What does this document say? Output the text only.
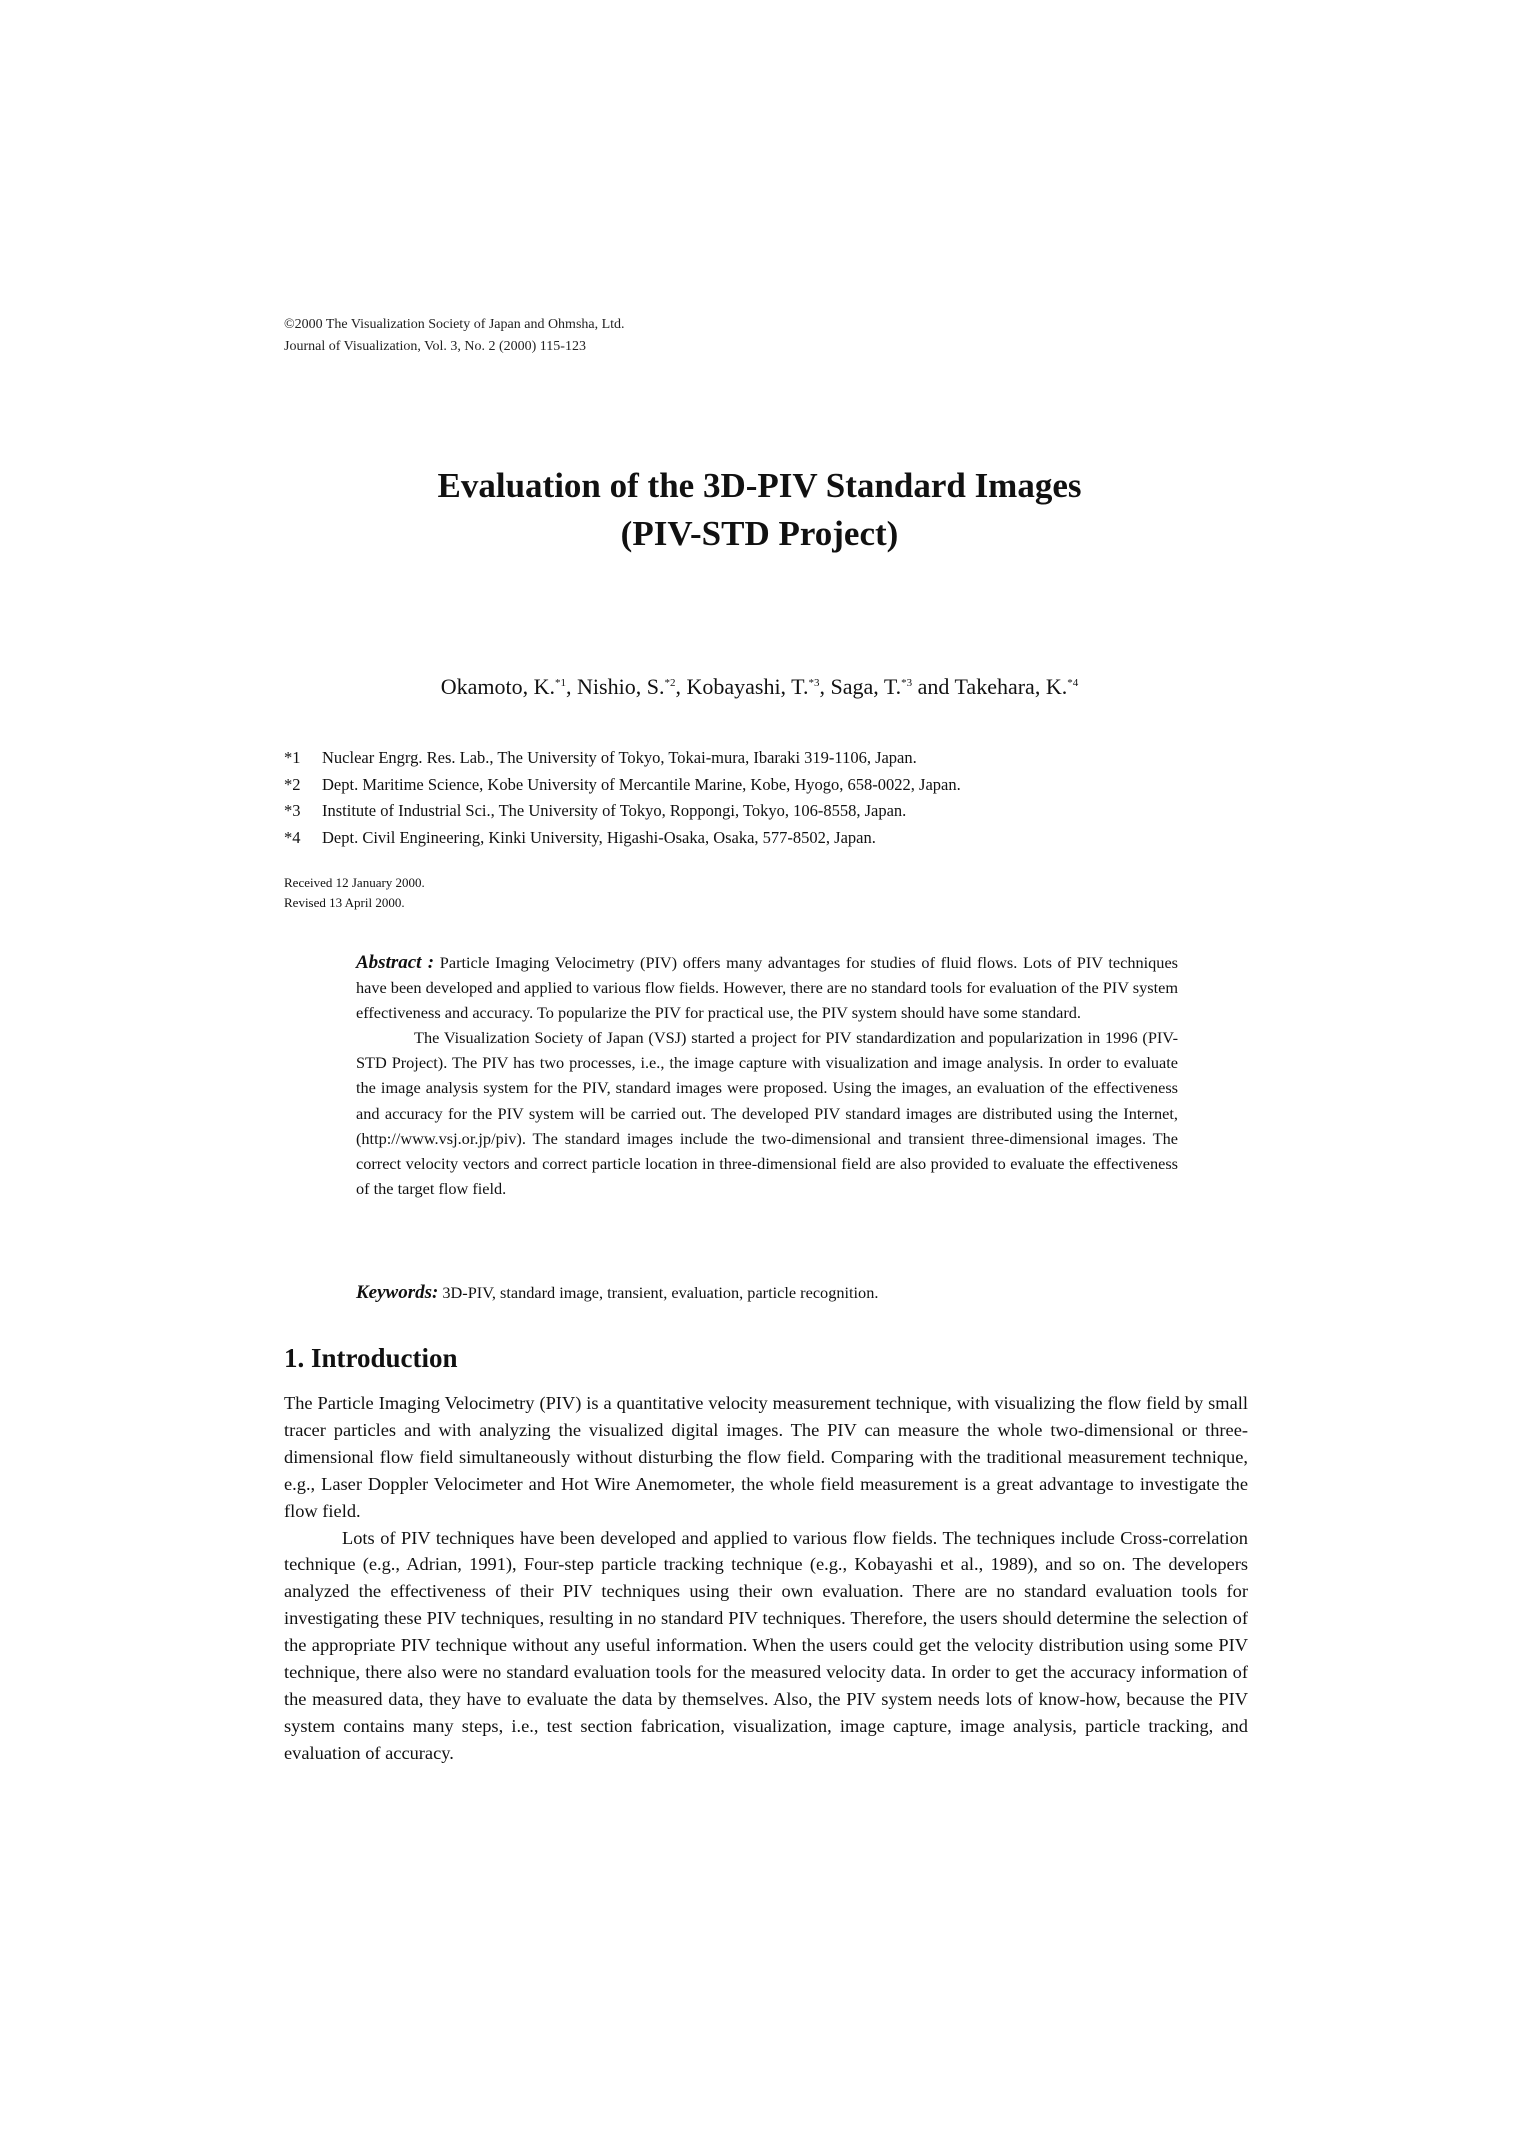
©2000 The Visualization Society of Japan and Ohmsha, Ltd.
Journal of Visualization, Vol. 3, No. 2 (2000) 115-123
Evaluation of the 3D-PIV Standard Images
(PIV-STD Project)
Okamoto, K.$^{*1}$, Nishio, S.$^{*2}$, Kobayashi, T.$^{*3}$, Saga, T.$^{*3}$ and Takehara, K.$^{*4}$
*1 Nuclear Engrg. Res. Lab., The University of Tokyo, Tokai-mura, Ibaraki 319-1106, Japan.
*2 Dept. Maritime Science, Kobe University of Mercantile Marine, Kobe, Hyogo, 658-0022, Japan.
*3 Institute of Industrial Sci., The University of Tokyo, Roppongi, Tokyo, 106-8558, Japan.
*4 Dept. Civil Engineering, Kinki University, Higashi-Osaka, Osaka, 577-8502, Japan.
Received 12 January 2000.
Revised 13 April 2000.

Abstract : Particle Imaging Velocimetry (PIV) offers many advantages for studies of fluid flows. Lots of PIV techniques have been developed and applied to various flow fields. However, there are no standard tools for evaluation of the PIV system effectiveness and accuracy. To popularize the PIV for practical use, the PIV system should have some standard.

The Visualization Society of Japan (VSJ) started a project for PIV standardization and popularization in 1996 (PIV-STD Project). The PIV has two processes, i.e., the image capture with visualization and image analysis. In order to evaluate the image analysis system for the PIV, standard images were proposed. Using the images, an evaluation of the effectiveness and accuracy for the PIV system will be carried out. The developed PIV standard images are distributed using the Internet, (http://www.vsj.or.jp/piv). The standard images include the two-dimensional and transient three-dimensional images. The correct velocity vectors and correct particle location in three-dimensional field are also provided to evaluate the effectiveness of the target flow field.

Keywords: 3D-PIV, standard image, transient, evaluation, particle recognition.
1. Introduction

The Particle Imaging Velocimetry (PIV) is a quantitative velocity measurement technique, with visualizing the flow field by small tracer particles and with analyzing the visualized digital images. The PIV can measure the whole two-dimensional or three-dimensional flow field simultaneously without disturbing the flow field. Comparing with the traditional measurement technique, e.g., Laser Doppler Velocimeter and Hot Wire Anemometer, the whole field measurement is a great advantage to investigate the flow field.

Lots of PIV techniques have been developed and applied to various flow fields. The techniques include Cross-correlation technique (e.g., Adrian, 1991), Four-step particle tracking technique (e.g., Kobayashi et al., 1989), and so on. The developers analyzed the effectiveness of their PIV techniques using their own evaluation. There are no standard evaluation tools for investigating these PIV techniques, resulting in no standard PIV techniques. Therefore, the users should determine the selection of the appropriate PIV technique without any useful information. When the users could get the velocity distribution using some PIV technique, there also were no standard evaluation tools for the measured velocity data. In order to get the accuracy information of the measured data, they have to evaluate the data by themselves. Also, the PIV system needs lots of know-how, because the PIV system contains many steps, i.e., test section fabrication, visualization, image capture, image analysis, particle tracking, and evaluation of accuracy.
